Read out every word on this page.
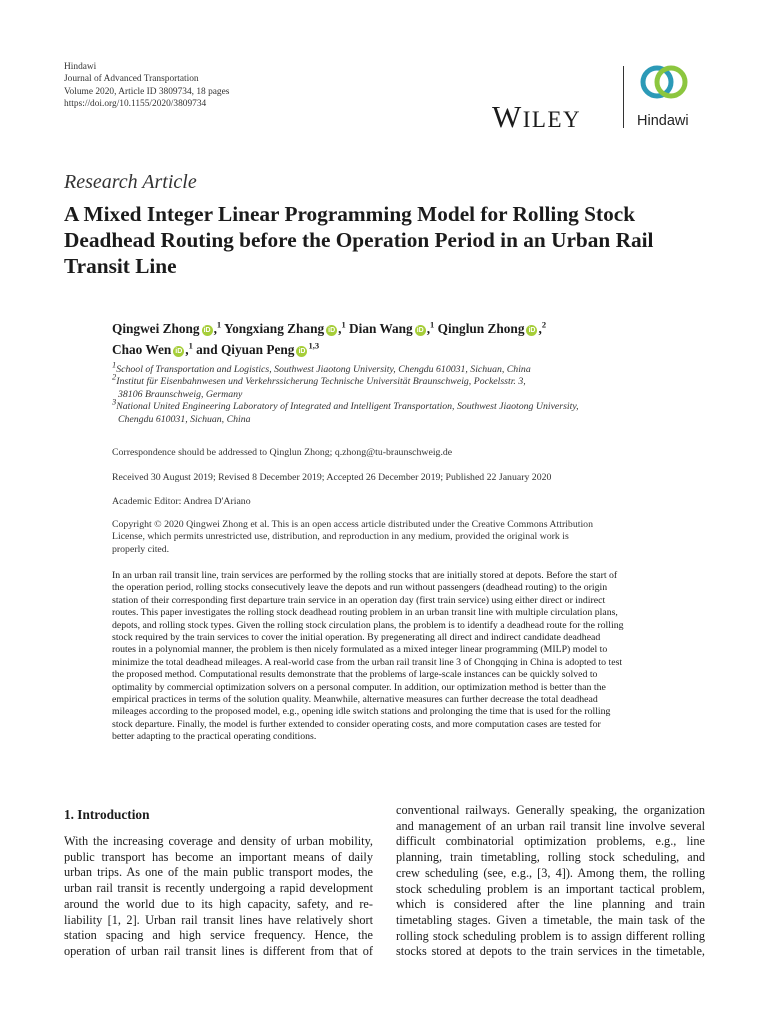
Hindawi
Journal of Advanced Transportation
Volume 2020, Article ID 3809734, 18 pages
https://doi.org/10.1155/2020/3809734	WILEY	Hindawi
Research Article
A Mixed Integer Linear Programming Model for Rolling Stock
Deadhead Routing before the Operation Period in an Urban Rail
Transit Line
Qingwei Zhong iD ,$^1$ Yongxiang Zhang iD ,$^1$ Dian Wang iD ,$^1$ Qinglun Zhong iD ,$^2$
Chao Wen iD ,$^1$ and Qiyuan Peng iD$^{1,3}$
$^1$School of Transportation and Logistics, Southwest Jiaotong University, Chengdu 610031, Sichuan, China
$^2$Institut für Eisenbahnwesen und Verkehrssicherung Technische Universität Braunschweig, Pockelsstr. 3,
38106 Braunschweig, Germany
$^3$National United Engineering Laboratory of Integrated and Intelligent Transportation, Southwest Jiaotong University,
Chengdu 610031, Sichuan, China
Correspondence should be addressed to Qinglun Zhong; q.zhong@tu-braunschweig.de
Received 30 August 2019; Revised 8 December 2019; Accepted 26 December 2019; Published 22 January 2020
Academic Editor: Andrea D'Ariano
Copyright © 2020 Qingwei Zhong et al. This is an open access article distributed under the Creative Commons Attribution
License, which permits unrestricted use, distribution, and reproduction in any medium, provided the original work is
properly cited.
In an urban rail transit line, train services are performed by the rolling stocks that are initially stored at depots. Before the start of
the operation period, rolling stocks consecutively leave the depots and run without passengers (deadhead routing) to the origin
station of their corresponding first departure train service in an operation day (first train service) using either direct or indirect
routes. This paper investigates the rolling stock deadhead routing problem in an urban transit line with multiple circulation plans,
depots, and rolling stock types. Given the rolling stock circulation plans, the problem is to identify a deadhead route for the rolling
stock required by the train services to cover the initial operation. By pregenerating all direct and indirect candidate deadhead
routes in a polynomial manner, the problem is then nicely formulated as a mixed integer linear programming (MILP) model to
minimize the total deadhead mileages. A real-world case from the urban rail transit line 3 of Chongqing in China is adopted to test
the proposed method. Computational results demonstrate that the problems of large-scale instances can be quickly solved to
optimality by commercial optimization solvers on a personal computer. In addition, our optimization method is better than the
empirical practices in terms of the solution quality. Meanwhile, alternative measures can further decrease the total deadhead
mileages according to the proposed model, e.g., opening idle switch stations and prolonging the time that is used for the rolling
stock departure. Finally, the model is further extended to consider operating costs, and more computation cases are tested for
better adapting to the practical operating conditions.
1. Introduction
With the increasing coverage and density of urban mobility,
public transport has become an important means of daily
urban trips. As one of the main public transport modes, the
urban rail transit is recently undergoing a rapid development
around the world due to its high capacity, safety, and re-
liability [1, 2]. Urban rail transit lines have relatively short
station spacing and high service frequency. Hence, the
operation of urban rail transit lines is different from that of
conventional railways. Generally speaking, the organization
and management of an urban rail transit line involve several
difficult combinatorial optimization problems, e.g., line
planning, train timetabling, rolling stock scheduling, and
crew scheduling (see, e.g., [3, 4]). Among them, the rolling
stock scheduling problem is an important tactical problem,
which is considered after the line planning and train
timetabling stages. Given a timetable, the main task of the
rolling stock scheduling problem is to assign different rolling
stocks stored at depots to the train services in the timetable,
